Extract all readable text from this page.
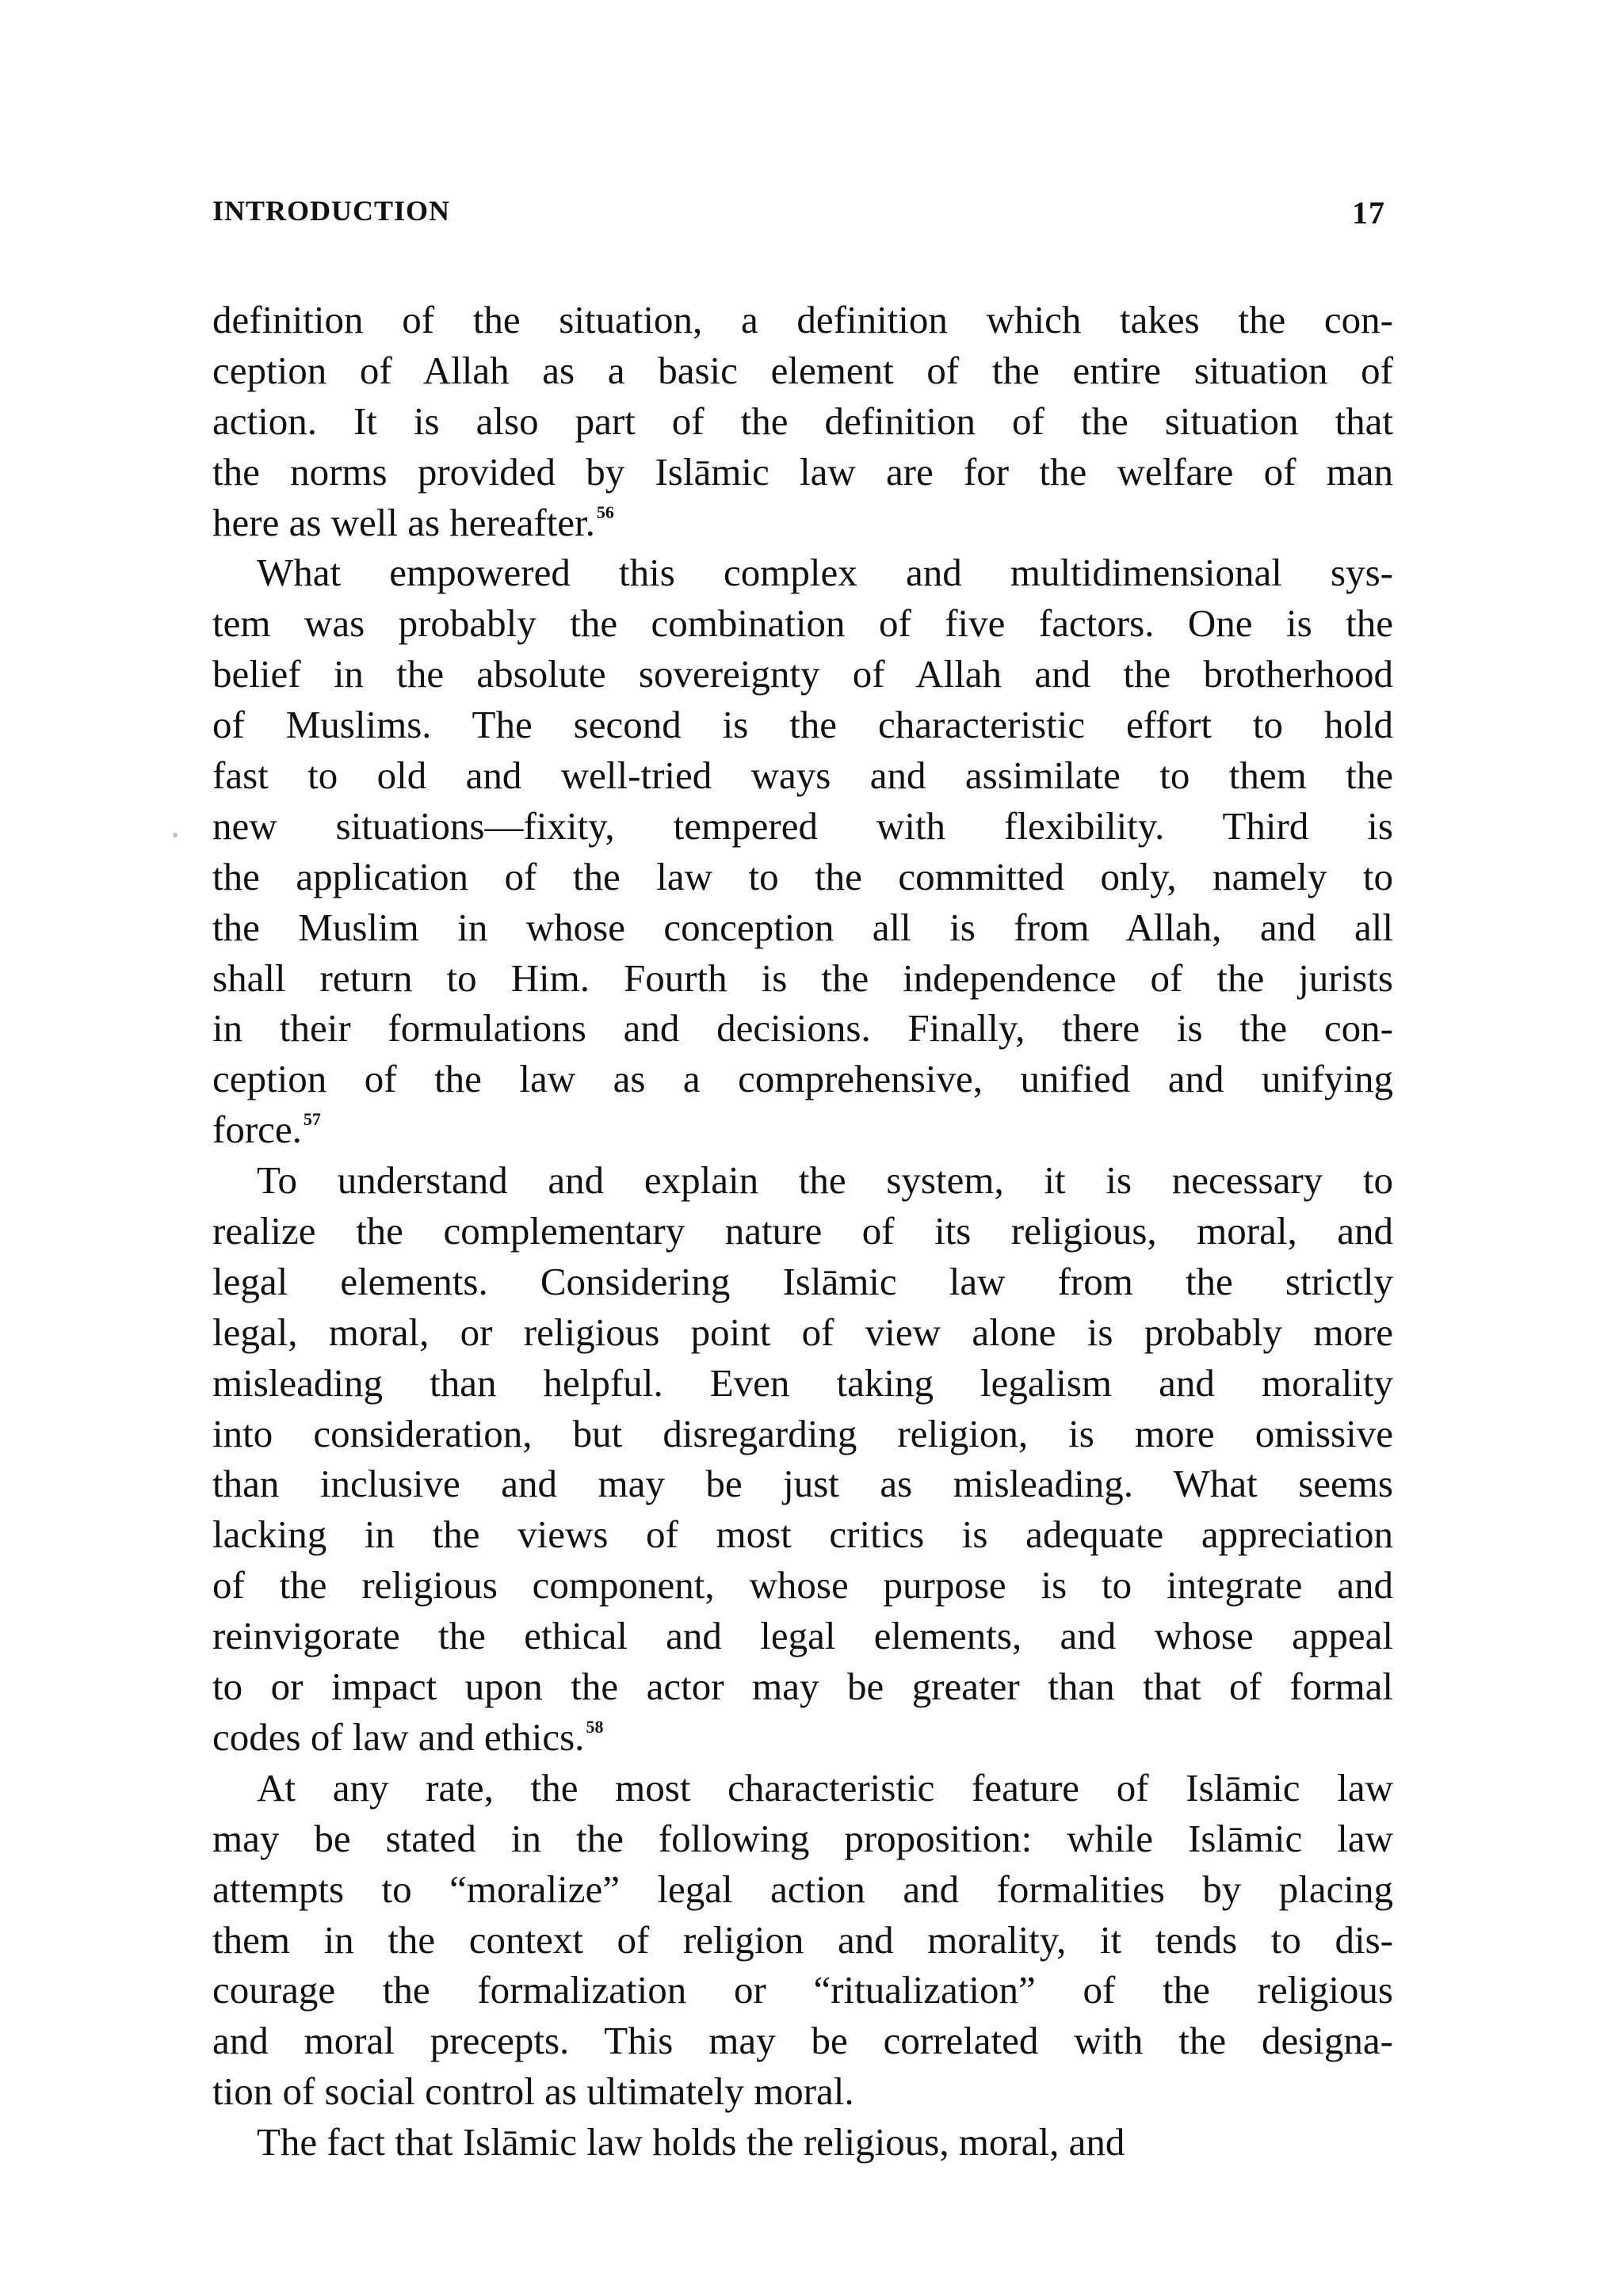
INTRODUCTION	17
definition of the situation, a definition which takes the con-
ception of Allah as a basic element of the entire situation of
action. It is also part of the definition of the situation that
the norms provided by Islāmic law are for the welfare of man
here as well as hereafter.$^{56}$
What empowered this complex and multidimensional sys-
tem was probably the combination of five factors. One is the
belief in the absolute sovereignty of Allah and the brotherhood
of Muslims. The second is the characteristic effort to hold
fast to old and well-tried ways and assimilate to them the
new situations—fixity, tempered with flexibility. Third is
the application of the law to the committed only, namely to
the Muslim in whose conception all is from Allah, and all
shall return to Him. Fourth is the independence of the jurists
in their formulations and decisions. Finally, there is the con-
ception of the law as a comprehensive, unified and unifying
force.$^{57}$
To understand and explain the system, it is necessary to
realize the complementary nature of its religious, moral, and
legal elements. Considering Islāmic law from the strictly
legal, moral, or religious point of view alone is probably more
misleading than helpful. Even taking legalism and morality
into consideration, but disregarding religion, is more omissive
than inclusive and may be just as misleading. What seems
lacking in the views of most critics is adequate appreciation
of the religious component, whose purpose is to integrate and
reinvigorate the ethical and legal elements, and whose appeal
to or impact upon the actor may be greater than that of formal
codes of law and ethics.$^{58}$
At any rate, the most characteristic feature of Islāmic law
may be stated in the following proposition: while Islāmic law
attempts to “moralize” legal action and formalities by placing
them in the context of religion and morality, it tends to dis-
courage the formalization or “ritualization” of the religious
and moral precepts. This may be correlated with the designa-
tion of social control as ultimately moral.
The fact that Islāmic law holds the religious, moral, and
